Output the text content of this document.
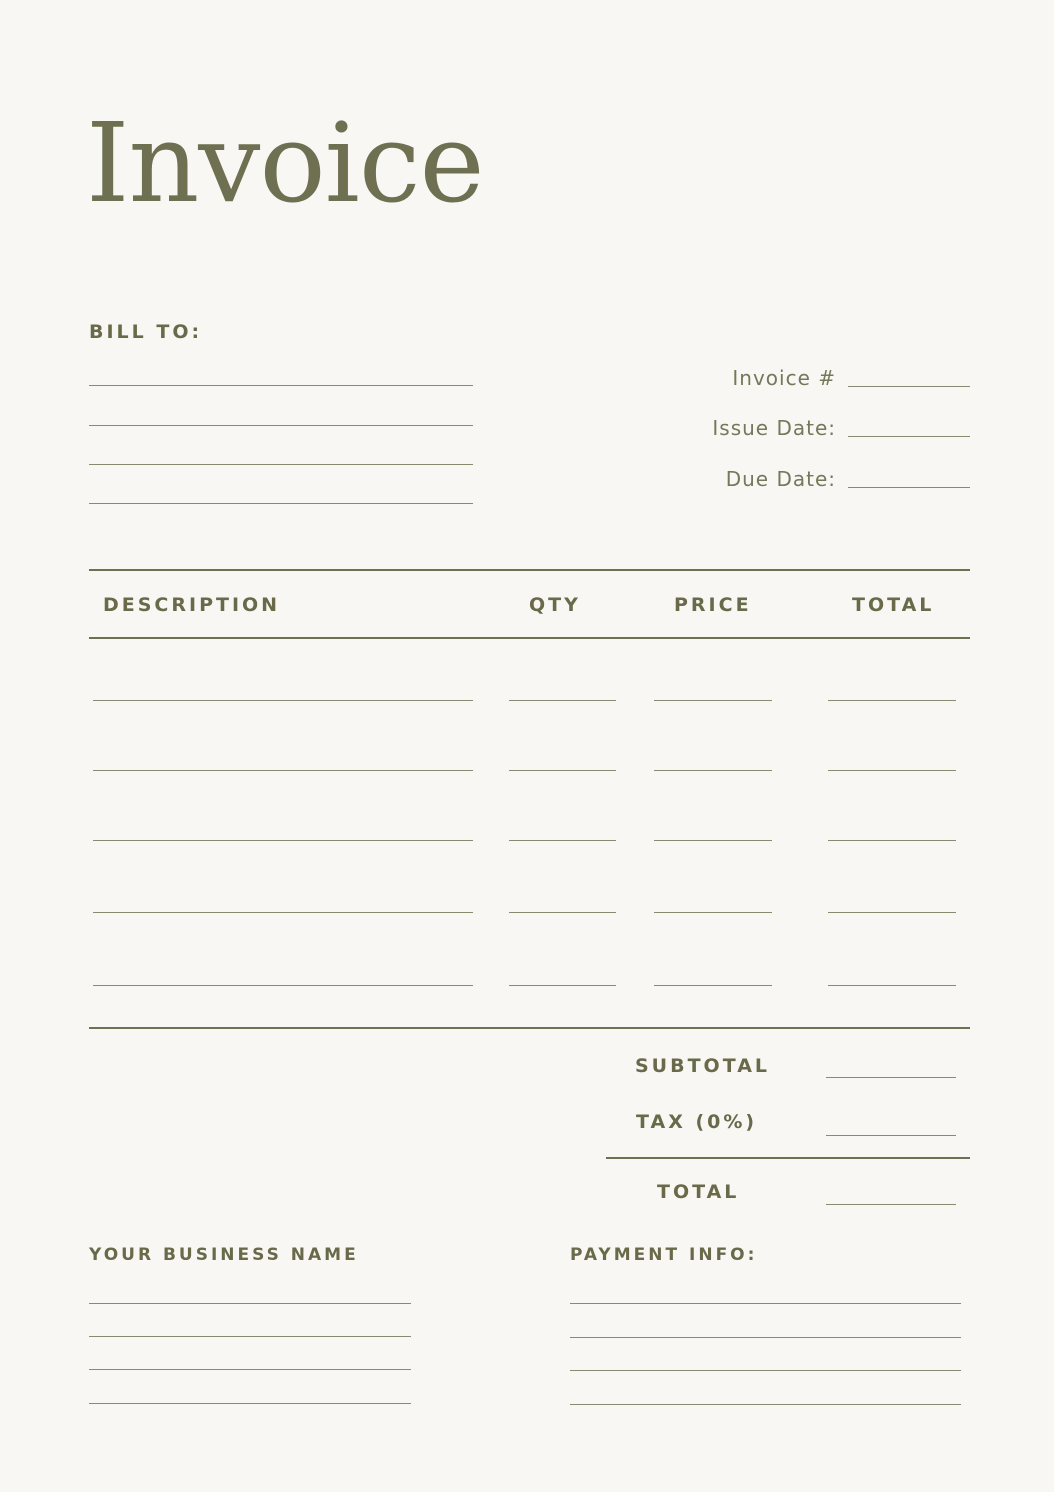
Invoice
BILL TO:
Invoice #
Issue Date:
Due Date:
DESCRIPTION	QTY	PRICE	TOTAL
SUBTOTAL
TAX (0%)
TOTAL
YOUR BUSINESS NAME	PAYMENT INFO:
